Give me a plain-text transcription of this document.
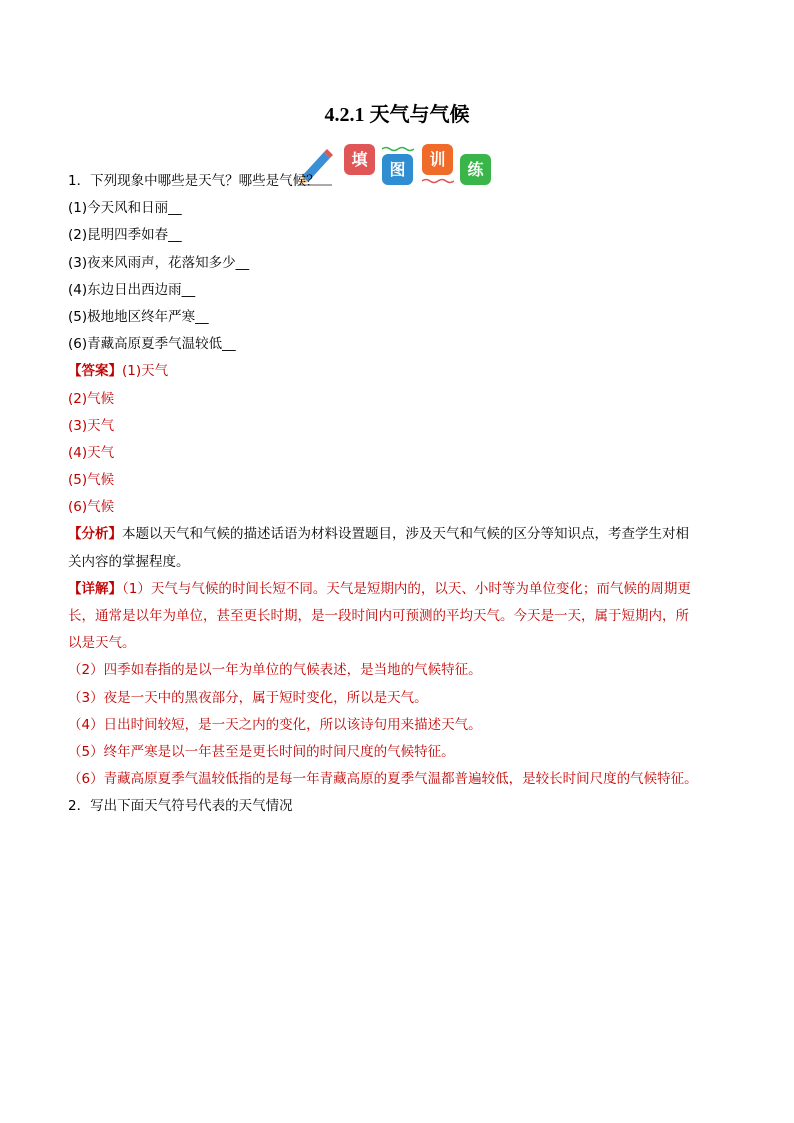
4.2.1 天气与气候
填
图
训
练
1．下列现象中哪些是天气？哪些是气候？
(1)今天风和日丽__
(2)昆明四季如春__
(3)夜来风雨声，花落知多少__
(4)东边日出西边雨__
(5)极地地区终年严寒__
(6)青藏高原夏季气温较低__
【答案】(1)天气
(2)气候
(3)天气
(4)天气
(5)气候
(6)气候
【分析】本题以天气和气候的描述话语为材料设置题目，涉及天气和气候的区分等知识点，考查学生对相
关内容的掌握程度。
【详解】（1）天气与气候的时间长短不同。天气是短期内的，以天、小时等为单位变化；而气候的周期更
长，通常是以年为单位，甚至更长时期，是一段时间内可预测的平均天气。今天是一天，属于短期内，所
以是天气。
（2）四季如春指的是以一年为单位的气候表述，是当地的气候特征。
（3）夜是一天中的黑夜部分，属于短时变化，所以是天气。
（4）日出时间较短，是一天之内的变化，所以该诗句用来描述天气。
（5）终年严寒是以一年甚至是更长时间的时间尺度的气候特征。
（6）青藏高原夏季气温较低指的是每一年青藏高原的夏季气温都普遍较低，是较长时间尺度的气候特征。
2．写出下面天气符号代表的天气情况
